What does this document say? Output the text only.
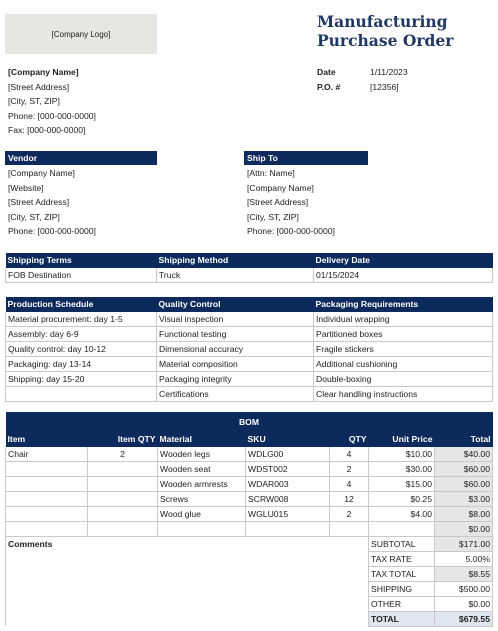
[Company Logo]
Manufacturing
Purchase Order
Date	1/11/2023
P.O. #	[12356]
[Company Name]
[Street Address]
[City, ST, ZIP]
Phone: [000-000-0000]
Fax: [000-000-0000]
Vendor
[Company Name]
[Website]
[Street Address]
[City, ST, ZIP]
Phone: [000-000-0000]
Ship To
[Attn: Name]
[Company Name]
[Street Address]
[City, ST, ZIP]
Phone: [000-000-0000]
Shipping Terms	Shipping Method	Delivery Date
FOB Destination	Truck	01/15/2024
Production Schedule	Quality Control	Packaging Requirements
Material procurement: day 1-5	Visual inspection	Individual wrapping
Assembly: day 6-9	Functional testing	Partitioned boxes
Quality control: day 10-12	Dimensional accuracy	Fragile stickers
Packaging: day 13-14	Material composition	Additional cushioning
Shipping: day 15-20	Packaging integrity	Double-boxing
	Certifications	Clear handling instructions
BOM						
Item	Item QTY	Material	SKU	QTY	Unit Price	Total
Chair	2	Wooden legs	WDLG00	4	$10.00	$40.00
		Wooden seat	WDST002	2	$30.00	$60.00
		Wooden armrests	WDAR003	4	$15.00	$60.00
		Screws	SCRW008	12	$0.25	$3.00
		Wood glue	WGLU015	2	$4.00	$8.00
						$0.00
Comments					SUBTOTAL	$171.00
					TAX RATE	5.00%
					TAX TOTAL	$8.55
					SHIPPING	$500.00
					OTHER	$0.00
					TOTAL	$679.55
